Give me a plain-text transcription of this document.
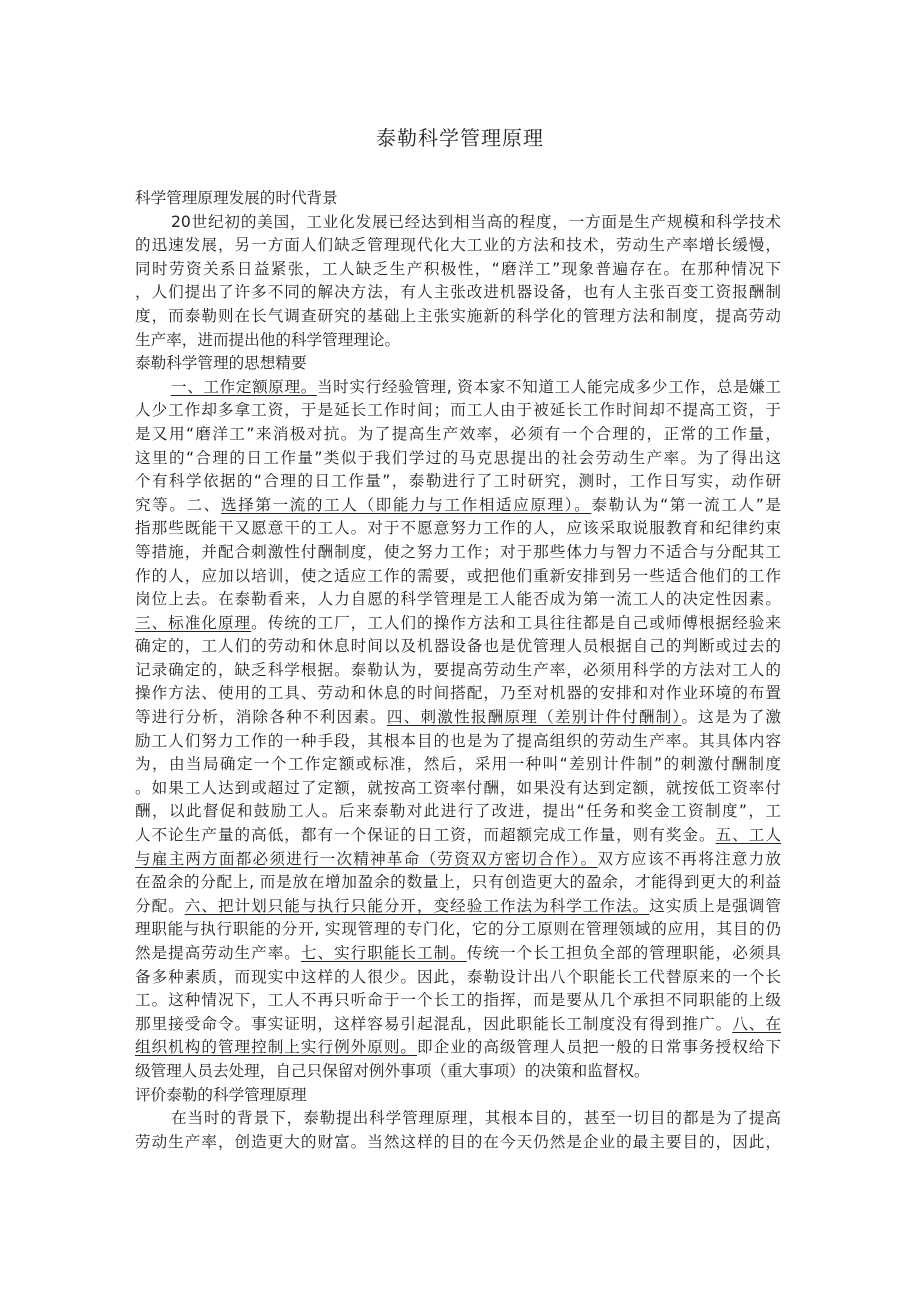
泰勒科学管理原理
科学管理原理发展的时代背景
20世纪初的美国，工业化发展已经达到相当高的程度，一方面是生产规模和科学技术
的迅速发展，另一方面人们缺乏管理现代化大工业的方法和技术，劳动生产率增长缓慢，
同时劳资关系日益紧张，工人缺乏生产积极性，“磨洋工”现象普遍存在。在那种情况下
，人们提出了许多不同的解决方法，有人主张改进机器设备，也有人主张百变工资报酬制
度，而泰勒则在长气调查研究的基础上主张实施新的科学化的管理方法和制度，提高劳动
生产率，进而提出他的科学管理理论。
泰勒科学管理的思想精要
一、工作定额原理。当时实行经验管理, 资本家不知道工人能完成多少工作，总是嫌工
人少工作却多拿工资，于是延长工作时间；而工人由于被延长工作时间却不提高工资，于
是又用“磨洋工”来消极对抗。为了提高生产效率，必须有一个合理的，正常的工作量，
这里的“合理的日工作量”类似于我们学过的马克思提出的社会劳动生产率。为了得出这
个有科学依据的“合理的日工作量”，泰勒进行了工时研究，测时，工作日写实，动作研
究等。二、选择第一流的工人（即能力与工作相适应原理）。泰勒认为“第一流工人”是
指那些既能干又愿意干的工人。对于不愿意努力工作的人，应该采取说服教育和纪律约束
等措施，并配合刺激性付酬制度，使之努力工作；对于那些体力与智力不适合与分配其工
作的人，应加以培训，使之适应工作的需要，或把他们重新安排到另一些适合他们的工作
岗位上去。在泰勒看来，人力自愿的科学管理是工人能否成为第一流工人的决定性因素。
三、标准化原理。传统的工厂，工人们的操作方法和工具往往都是自己或师傅根据经验来
确定的，工人们的劳动和休息时间以及机器设备也是优管理人员根据自己的判断或过去的
记录确定的，缺乏科学根据。泰勒认为，要提高劳动生产率，必须用科学的方法对工人的
操作方法、使用的工具、劳动和休息的时间搭配，乃至对机器的安排和对作业环境的布置
等进行分析，消除各种不利因素。四、刺激性报酬原理（差别计件付酬制）。这是为了激
励工人们努力工作的一种手段，其根本目的也是为了提高组织的劳动生产率。其具体内容
为，由当局确定一个工作定额或标准，然后，采用一种叫“差别计件制”的刺激付酬制度
。如果工人达到或超过了定额，就按高工资率付酬，如果没有达到定额，就按低工资率付
酬，以此督促和鼓励工人。后来泰勒对此进行了改进，提出“任务和奖金工资制度”，工
人不论生产量的高低，都有一个保证的日工资，而超额完成工作量，则有奖金。五、工人
与雇主两方面都必须进行一次精神革命（劳资双方密切合作）。双方应该不再将注意力放
在盈余的分配上, 而是放在增加盈余的数量上，只有创造更大的盈余，才能得到更大的利益
分配。六、把计划只能与执行只能分开，变经验工作法为科学工作法。这实质上是强调管
理职能与执行职能的分开, 实现管理的专门化，它的分工原则在管理领域的应用，其目的仍
然是提高劳动生产率。七、实行职能长工制。传统一个长工担负全部的管理职能，必须具
备多种素质，而现实中这样的人很少。因此，泰勒设计出八个职能长工代替原来的一个长
工。这种情况下，工人不再只听命于一个长工的指挥，而是要从几个承担不同职能的上级
那里接受命令。事实证明，这样容易引起混乱，因此职能长工制度没有得到推广。八、在
组织机构的管理控制上实行例外原则。即企业的高级管理人员把一般的日常事务授权给下
级管理人员去处理，自己只保留对例外事项（重大事项）的决策和监督权。
评价泰勒的科学管理原理
在当时的背景下，泰勒提出科学管理原理，其根本目的，甚至一切目的都是为了提高
劳动生产率，创造更大的财富。当然这样的目的在今天仍然是企业的最主要目的，因此，
